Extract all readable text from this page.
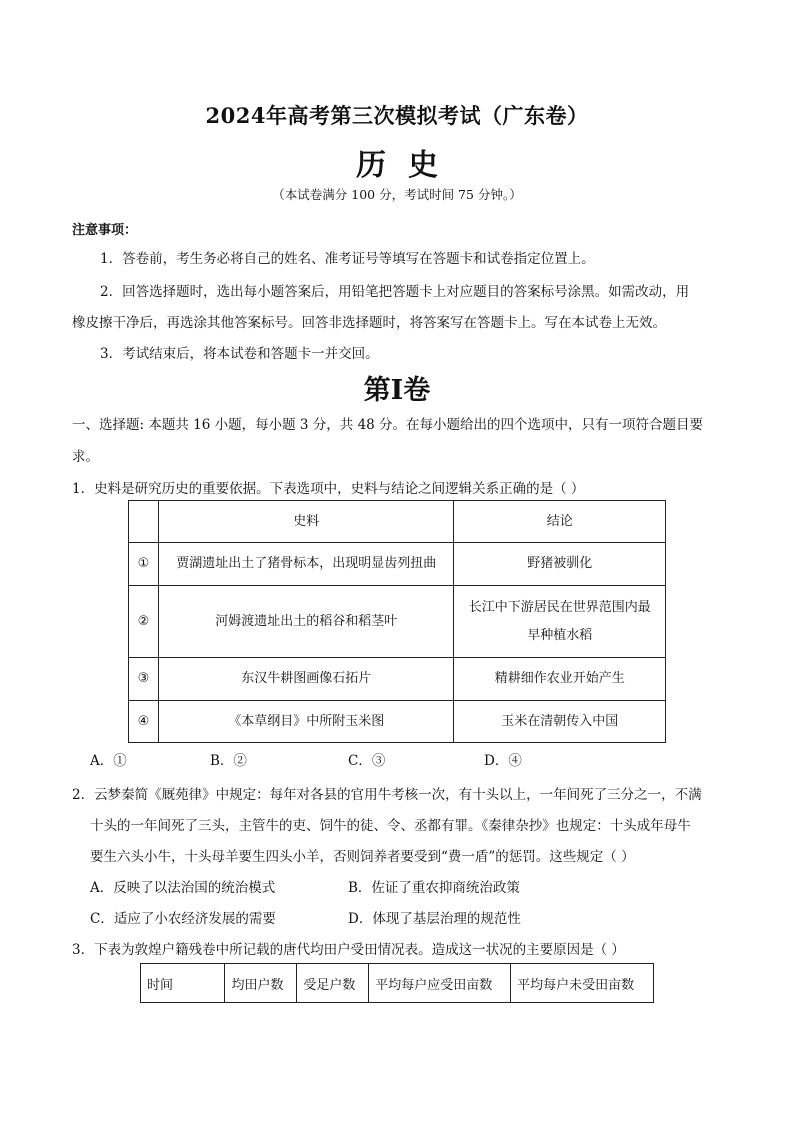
2024年高考第三次模拟考试（广东卷）
历史
（本试卷满分 100 分，考试时间 75 分钟。）
注意事项：
1．答卷前，考生务必将自己的姓名、准考证号等填写在答题卡和试卷指定位置上。
2．回答选择题时，选出每小题答案后，用铅笔把答题卡上对应题目的答案标号涂黑。如需改动，用
橡皮擦干净后，再选涂其他答案标号。回答非选择题时，将答案写在答题卡上。写在本试卷上无效。
3．考试结束后，将本试卷和答题卡一并交回。
第I卷
一、选择题: 本题共 16 小题，每小题 3 分，共 48 分。在每小题给出的四个选项中，只有一项符合题目要
求。
1．史料是研究历史的重要依据。下表选项中，史料与结论之间逻辑关系正确的是（ ）
	史料	结论
①	贾湖遗址出土了猪骨标本，出现明显齿列扭曲	野猪被驯化
②	河姆渡遗址出土的稻谷和稻茎叶	长江中下游居民在世界范围内最
早种植水稻

③	东汉牛耕图画像石拓片	精耕细作农业开始产生
④	《本草纲目》中所附玉米图	玉米在清朝传入中国
A．①	B．②	C．③	D．④
2．云梦秦简《厩苑律》中规定：每年对各县的官用牛考核一次，有十头以上，一年间死了三分之一，不满
十头的一年间死了三头，主管牛的吏、饲牛的徒、令、丞都有罪。《秦律杂抄》也规定：十头成年母牛
要生六头小牛，十头母羊要生四头小羊，否则饲养者要受到“费一盾”的惩罚。这些规定（ ）
A．反映了以法治国的统治模式	B．佐证了重农抑商统治政策
C．适应了小农经济发展的需要	D．体现了基层治理的规范性
3．下表为敦煌户籍残卷中所记载的唐代均田户受田情况表。造成这一状况的主要原因是（ ）
时间	均田户数	受足户数	平均每户应受田亩数	平均每户未受田亩数
